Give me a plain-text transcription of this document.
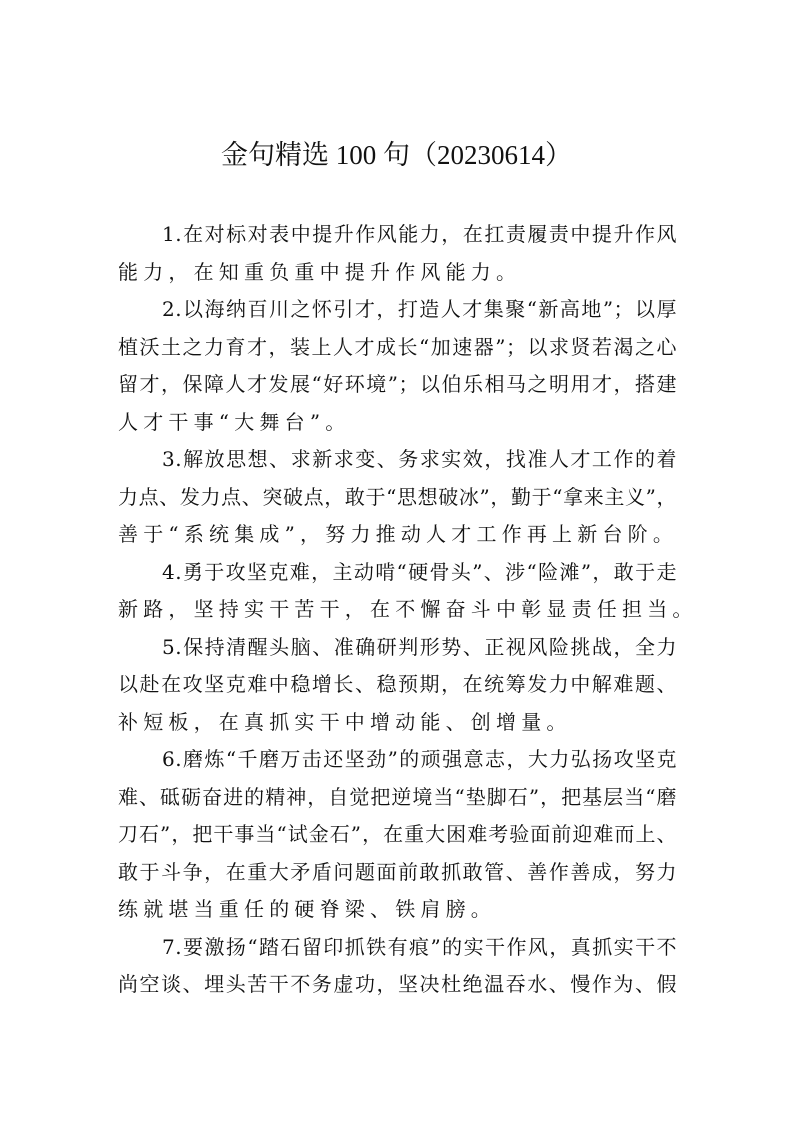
金句精选 100 句（20230614）
1.在对标对表中提升作风能力，在扛责履责中提升作风
能力，在知重负重中提升作风能力。
2.以海纳百川之怀引才，打造人才集聚“新高地”；以厚
植沃土之力育才，装上人才成长“加速器”；以求贤若渴之心
留才，保障人才发展“好环境”；以伯乐相马之明用才，搭建
人才干事“大舞台”。
3.解放思想、求新求变、务求实效，找准人才工作的着
力点、发力点、突破点，敢于“思想破冰”，勤于“拿来主义”，
善于“系统集成”，努力推动人才工作再上新台阶。
4.勇于攻坚克难，主动啃“硬骨头”、涉“险滩”，敢于走
新路，坚持实干苦干，在不懈奋斗中彰显责任担当。
5.保持清醒头脑、准确研判形势、正视风险挑战，全力
以赴在攻坚克难中稳增长、稳预期，在统筹发力中解难题、
补短板，在真抓实干中增动能、创增量。
6.磨炼“千磨万击还坚劲”的顽强意志，大力弘扬攻坚克
难、砥砺奋进的精神，自觉把逆境当“垫脚石”，把基层当“磨
刀石”，把干事当“试金石”，在重大困难考验面前迎难而上、
敢于斗争，在重大矛盾问题面前敢抓敢管、善作善成，努力
练就堪当重任的硬脊梁、铁肩膀。
7.要激扬“踏石留印抓铁有痕”的实干作风，真抓实干不
尚空谈、埋头苦干不务虚功，坚决杜绝温吞水、慢作为、假
